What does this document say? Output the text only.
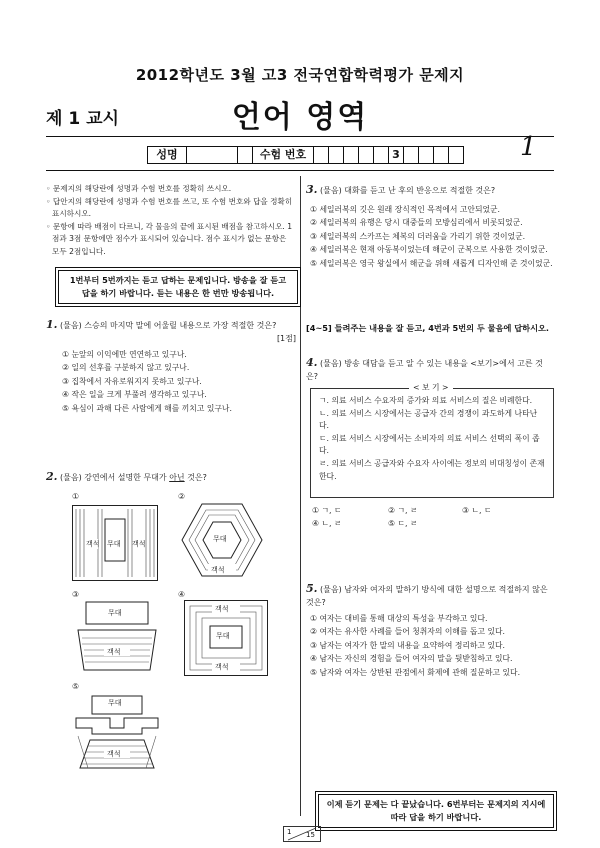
2012학년도 3월 고3 전국연합학력평가 문제지
제 1 교시	언어 영역
1
성명	수험 번호	3
◦ 문제지의 해당란에 성명과 수험 번호를 정확히 쓰시오.
◦ 답안지의 해당란에 성명과 수험 번호를 쓰고, 또 수험 번호와 답을 정확히 표시하시오.
◦ 문항에 따라 배점이 다르니, 각 물음의 끝에 표시된 배점을 참고하시오. 1점과 3점 문항에만 점수가 표시되어 있습니다. 점수 표시가 없는 문항은 모두 2점입니다.
1번부터 5번까지는 듣고 답하는 문제입니다. 방송을 잘 듣고 답을 하기 바랍니다. 듣는 내용은 한 번만 방송됩니다.
1. (물음) 스승의 마지막 말에 어울릴 내용으로 가장 적절한 것은?
[1점]
① 눈앞의 이익에만 연연하고 있구나.
② 일의 선후를 구분하지 않고 있구나.
③ 집착에서 자유로워지지 못하고 있구나.
④ 작은 일을 크게 부풀려 생각하고 있구나.
⑤ 욕심이 과해 다른 사람에게 해를 끼치고 있구나.
2. (물음) 강연에서 설명한 무대가 아닌 것은?
①	②
③	④
⑤
객석 무대 객석
무대
객석
무대
객석
객석
무대
객석
무대
객석
3. (물음) 대화를 듣고 난 후의 반응으로 적절한 것은?
① 세일러복의 깃은 원래 장식적인 목적에서 고안되었군.
② 세일러복의 유행은 당시 대중들의 모방심리에서 비롯되었군.
③ 세일러복의 스카프는 체복의 더러움을 가리기 위한 것이었군.
④ 세일러복은 현재 아동복이었는데 해군이 군복으로 사용한 것이었군.
⑤ 세일러복은 영국 왕실에서 해군을 위해 새롭게 디자인해 준 것이었군.
[4~5] 들려주는 내용을 잘 듣고, 4번과 5번의 두 물음에 답하시오.
4. (물음) 방송 대담을 듣고 알 수 있는 내용을 <보기>에서 고른 것은?
< 보 기 >
ㄱ. 의료 서비스 수요자의 증가와 의료 서비스의 질은 비례한다.
ㄴ. 의료 서비스 시장에서는 공급자 간의 경쟁이 과도하게 나타난다.
ㄷ. 의료 서비스 시장에서는 소비자의 의료 서비스 선택의 폭이 좁다.
ㄹ. 의료 서비스 공급자와 수요자 사이에는 정보의 비대칭성이 존재한다.
① ㄱ, ㄷ	② ㄱ, ㄹ	③ ㄴ, ㄷ
④ ㄴ, ㄹ	⑤ ㄷ, ㄹ
5. (물음) 남자와 여자의 말하기 방식에 대한 설명으로 적절하지 않은 것은?
① 여자는 대비를 통해 대상의 특성을 부각하고 있다.
② 여자는 유사한 사례를 들어 청취자의 이해를 돕고 있다.
③ 남자는 여자가 한 말의 내용을 요약하여 정리하고 있다.
④ 남자는 자신의 경험을 들어 여자의 말을 뒷받침하고 있다.
⑤ 남자와 여자는 상반된 관점에서 화제에 관해 질문하고 있다.
이제 듣기 문제는 다 끝났습니다. 6번부터는 문제지의 지시에 따라 답을 하기 바랍니다.
1 15
